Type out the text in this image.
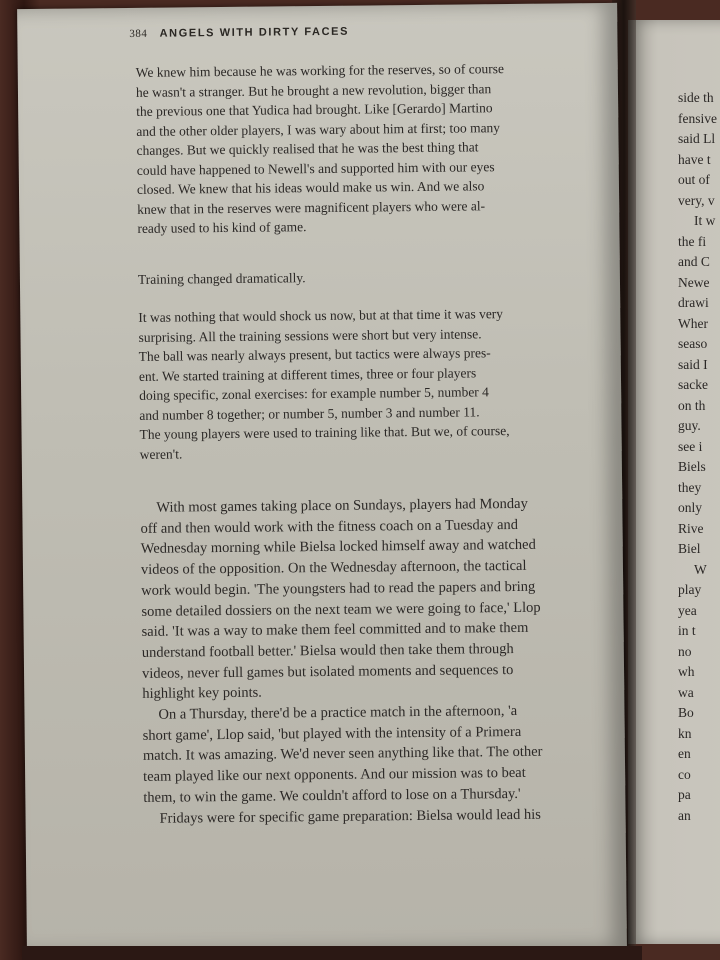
side th
fensive
said Ll
have t
out of
very, v
It w
the fi
and C
Newe
drawi
Wher
seaso
said I
sacke
on th
guy.
see i
Biels
they
only
Rive
Biel
W
play
yea
in t
no
wh
wa
Bo
kn
en
co
pa
an
384 ANGELS WITH DIRTY FACES
We knew him because he was working for the reserves, so of course
he wasn't a stranger. But he brought a new revolution, bigger than
the previous one that Yudica had brought. Like [Gerardo] Martino
and the other older players, I was wary about him at first; too many
changes. But we quickly realised that he was the best thing that
could have happened to Newell's and supported him with our eyes
closed. We knew that his ideas would make us win. And we also
knew that in the reserves were magnificent players who were al-
ready used to his kind of game.
Training changed dramatically.
It was nothing that would shock us now, but at that time it was very
surprising. All the training sessions were short but very intense.
The ball was nearly always present, but tactics were always pres-
ent. We started training at different times, three or four players
doing specific, zonal exercises: for example number 5, number 4
and number 8 together; or number 5, number 3 and number 11.
The young players were used to training like that. But we, of course,
weren't.
With most games taking place on Sundays, players had Monday
off and then would work with the fitness coach on a Tuesday and
Wednesday morning while Bielsa locked himself away and watched
videos of the opposition. On the Wednesday afternoon, the tactical
work would begin. 'The youngsters had to read the papers and bring
some detailed dossiers on the next team we were going to face,' Llop
said. 'It was a way to make them feel committed and to make them
understand football better.' Bielsa would then take them through
videos, never full games but isolated moments and sequences to
highlight key points.
On a Thursday, there'd be a practice match in the afternoon, 'a
short game', Llop said, 'but played with the intensity of a Primera
match. It was amazing. We'd never seen anything like that. The other
team played like our next opponents. And our mission was to beat
them, to win the game. We couldn't afford to lose on a Thursday.'
Fridays were for specific game preparation: Bielsa would lead his
